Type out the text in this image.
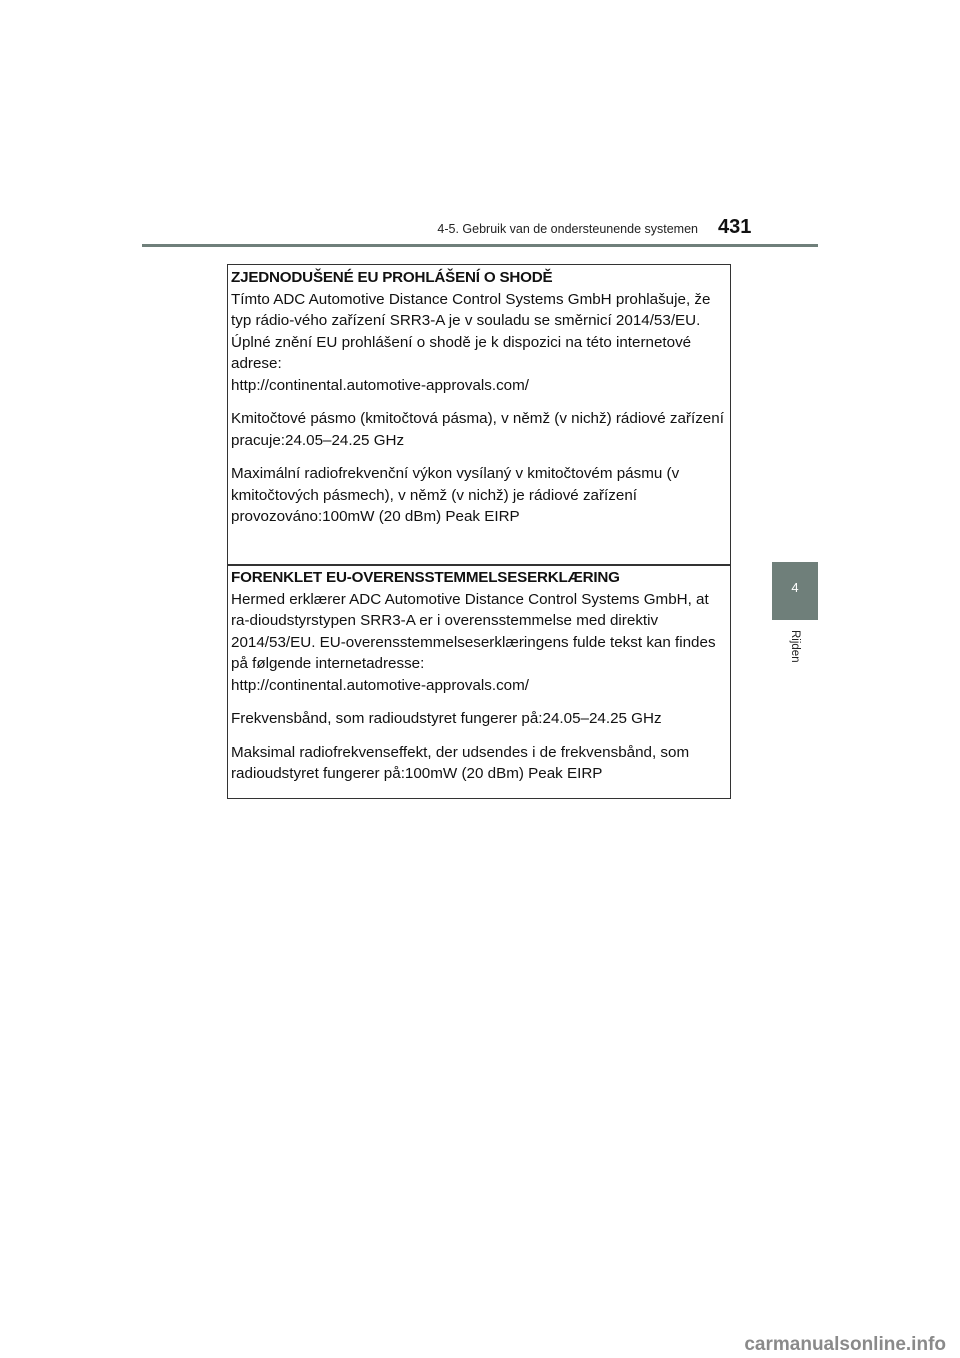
4-5. Gebruik van de ondersteunende systemen 431
4
Rijden
ZJEDNODUŠENÉ EU PROHLÁŠENÍ O SHODĚ

Tímto ADC Automotive Distance Control Systems GmbH prohlašuje, že typ rádio-vého zařízení SRR3-A je v souladu se směrnicí 2014/53/EU. Úplné znění EU prohlášení o shodě je k dispozici na této internetové adrese:
http://continental.automotive-approvals.com/

Kmitočtové pásmo (kmitočtová pásma), v němž (v nichž) rádiové zařízení pracuje:24.05–24.25 GHz

Maximální radiofrekvenční výkon vysílaný v kmitočtovém pásmu (v kmitočtových pásmech), v němž (v nichž) je rádiové zařízení provozováno:100mW (20 dBm) Peak EIRP

FORENKLET EU-OVERENSSTEMMELSESERKLÆRING

Hermed erklærer ADC Automotive Distance Control Systems GmbH, at ra-dioudstyrstypen SRR3-A er i overensstemmelse med direktiv 2014/53/EU. EU-overensstemmelseserklæringens fulde tekst kan findes på følgende internetadresse:
http://continental.automotive-approvals.com/

Frekvensbånd, som radioudstyret fungerer på:24.05–24.25 GHz

Maksimal radiofrekvenseffekt, der udsendes i de frekvensbånd, som radioudstyret fungerer på:100mW (20 dBm) Peak EIRP

carmanualsonline.info
